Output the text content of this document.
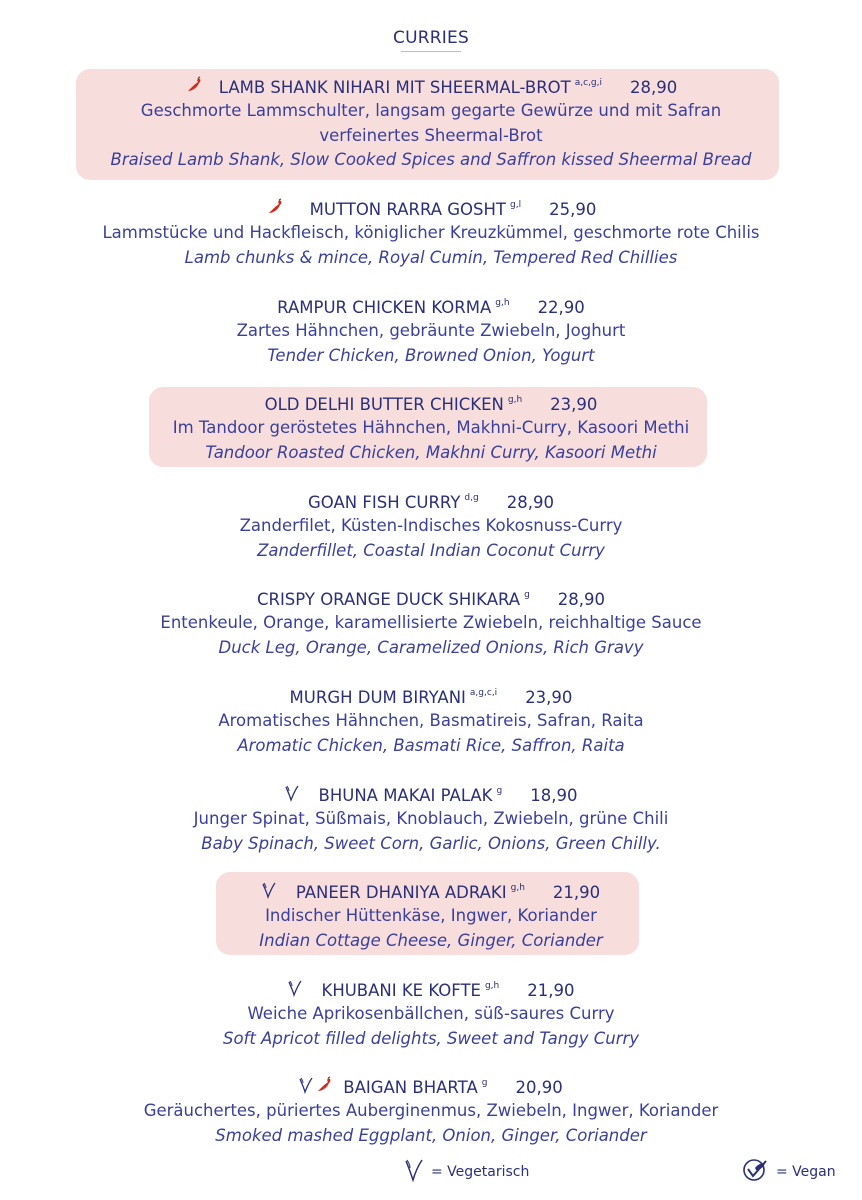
CURRIES
LAMB SHANK NIHARI MIT SHEERMAL-BROT a,c,g,i 28,90
Geschmorte Lammschulter, langsam gegarte Gewürze und mit Safran
verfeinertes Sheermal-Brot
Braised Lamb Shank, Slow Cooked Spices and Saffron kissed Sheermal Bread
MUTTON RARRA GOSHT g,l 25,90
Lammstücke und Hackfleisch, königlicher Kreuzkümmel, geschmorte rote Chilis
Lamb chunks & mince, Royal Cumin, Tempered Red Chillies
RAMPUR CHICKEN KORMA g,h 22,90
Zartes Hähnchen, gebräunte Zwiebeln, Joghurt
Tender Chicken, Browned Onion, Yogurt
OLD DELHI BUTTER CHICKEN g,h 23,90
Im Tandoor geröstetes Hähnchen, Makhni-Curry, Kasoori Methi
Tandoor Roasted Chicken, Makhni Curry, Kasoori Methi
GOAN FISH CURRY d,g 28,90
Zanderfilet, Küsten-Indisches Kokosnuss-Curry
Zanderfillet, Coastal Indian Coconut Curry
CRISPY ORANGE DUCK SHIKARA g 28,90
Entenkeule, Orange, karamellisierte Zwiebeln, reichhaltige Sauce
Duck Leg, Orange, Caramelized Onions, Rich Gravy
MURGH DUM BIRYANI a,g,c,i 23,90
Aromatisches Hähnchen, Basmatireis, Safran, Raita
Aromatic Chicken, Basmati Rice, Saffron, Raita
BHUNA MAKAI PALAK g 18,90
Junger Spinat, Süßmais, Knoblauch, Zwiebeln, grüne Chili
Baby Spinach, Sweet Corn, Garlic, Onions, Green Chilly.
PANEER DHANIYA ADRAKI g,h 21,90
Indischer Hüttenkäse, Ingwer, Koriander
Indian Cottage Cheese, Ginger, Coriander
KHUBANI KE KOFTE g,h 21,90
Weiche Aprikosenbällchen, süß-saures Curry
Soft Apricot filled delights, Sweet and Tangy Curry
BAIGAN BHARTA g 20,90
Geräuchertes, püriertes Auberginenmus, Zwiebeln, Ingwer, Koriander
Smoked mashed Eggplant, Onion, Ginger, Coriander
= Vegetarisch	= Vegan
